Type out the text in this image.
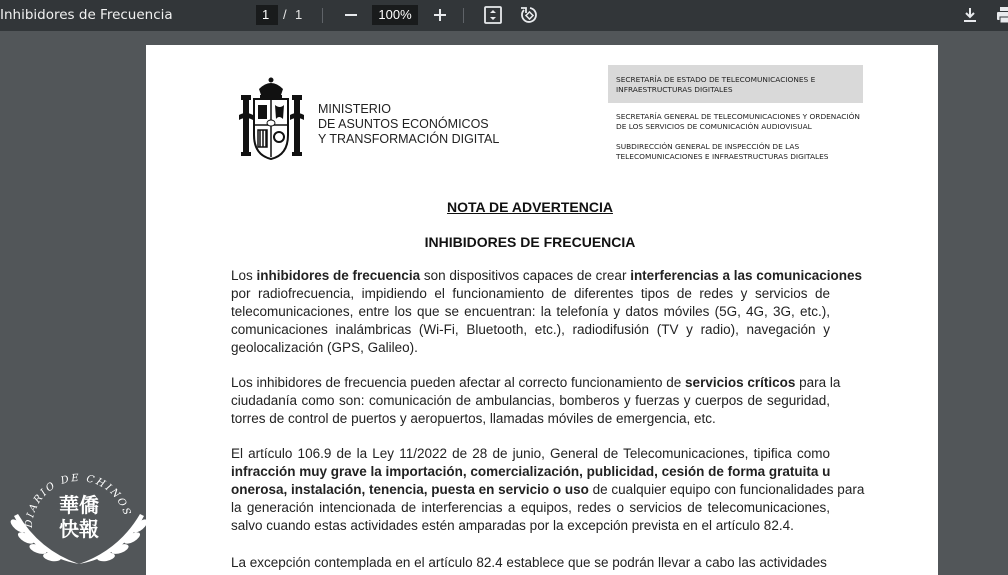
Inhibidores de Frecuencia	1	/ 1	100%
MINISTERIO
DE ASUNTOS ECONÓMICOS
Y TRANSFORMACIÓN DIGITAL
SECRETARÍA DE ESTADO DE TELECOMUNICACIONES E
INFRAESTRUCTURAS DIGITALES
SECRETARÍA GENERAL DE TELECOMUNICACIONES Y ORDENACIÓN
DE LOS SERVICIOS DE COMUNICACIÓN AUDIOVISUAL
SUBDIRECCIÓN GENERAL DE INSPECCIÓN DE LAS
TELECOMUNICACIONES E INFRAESTRUCTURAS DIGITALES
NOTA DE ADVERTENCIA
INHIBIDORES DE FRECUENCIA
Los inhibidores de frecuencia son dispositivos capaces de crear interferencias a las comunicaciones
por radiofrecuencia, impidiendo el funcionamiento de diferentes tipos de redes y servicios de
telecomunicaciones, entre los que se encuentran: la telefonía y datos móviles (5G, 4G, 3G, etc.),
comunicaciones inalámbricas (Wi-Fi, Bluetooth, etc.), radiodifusión (TV y radio), navegación y
geolocalización (GPS, Galileo).
Los inhibidores de frecuencia pueden afectar al correcto funcionamiento de servicios críticos para la
ciudadanía como son: comunicación de ambulancias, bomberos y fuerzas y cuerpos de seguridad,
torres de control de puertos y aeropuertos, llamadas móviles de emergencia, etc.
El artículo 106.9 de la Ley 11/2022 de 28 de junio, General de Telecomunicaciones, tipifica como
infracción muy grave la importación, comercialización, publicidad, cesión de forma gratuita u
onerosa, instalación, tenencia, puesta en servicio o uso de cualquier equipo con funcionalidades para
la generación intencionada de interferencias a equipos, redes o servicios de telecomunicaciones,
salvo cuando estas actividades estén amparadas por la excepción prevista en el artículo 82.4.
La excepción contemplada en el artículo 82.4 establece que se podrán llevar a cabo las actividades
DIARIO DE CHINOS
華僑
快報
